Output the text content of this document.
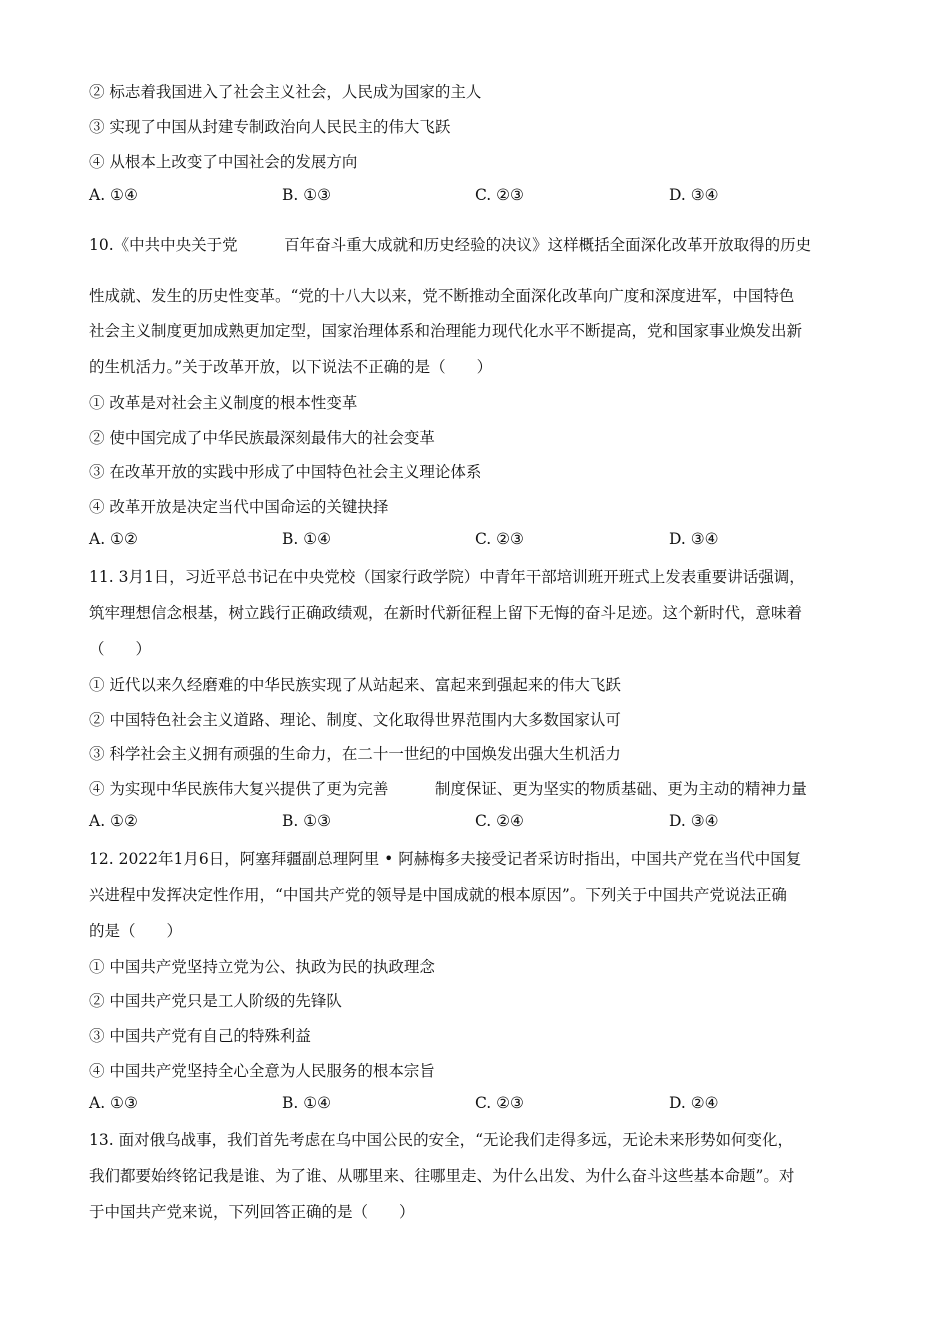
② 标志着我国进入了社会主义社会，人民成为国家的主人
③ 实现了中国从封建专制政治向人民民主的伟大飞跃
④ 从根本上改变了中国社会的发展方向
A. ①④	B. ①③	C. ②③	D. ③④
10.《中共中央关于党　　　百年奋斗重大成就和历史经验的决议》这样概括全面深化改革开放取得的历史
性成就、发生的历史性变革。“党的十八大以来，党不断推动全面深化改革向广度和深度进军，中国特色
社会主义制度更加成熟更加定型，国家治理体系和治理能力现代化水平不断提高，党和国家事业焕发出新
的生机活力。”关于改革开放，以下说法不正确的是（　　）
① 改革是对社会主义制度的根本性变革
② 使中国完成了中华民族最深刻最伟大的社会变革
③ 在改革开放的实践中形成了中国特色社会主义理论体系
④ 改革开放是决定当代中国命运的关键抉择
A. ①②	B. ①④	C. ②③	D. ③④
11. 3月1日，习近平总书记在中央党校（国家行政学院）中青年干部培训班开班式上发表重要讲话强调，
筑牢理想信念根基，树立践行正确政绩观，在新时代新征程上留下无悔的奋斗足迹。这个新时代，意味着
（　　）
① 近代以来久经磨难的中华民族实现了从站起来、富起来到强起来的伟大飞跃
② 中国特色社会主义道路、理论、制度、文化取得世界范围内大多数国家认可
③ 科学社会主义拥有顽强的生命力，在二十一世纪的中国焕发出强大生机活力
④ 为实现中华民族伟大复兴提供了更为完善　　　制度保证、更为坚实的物质基础、更为主动的精神力量
A. ①②	B. ①③	C. ②④	D. ③④
12. 2022年1月6日，阿塞拜疆副总理阿里 • 阿赫梅多夫接受记者采访时指出，中国共产党在当代中国复
兴进程中发挥决定性作用，“中国共产党的领导是中国成就的根本原因”。下列关于中国共产党说法正确
的是（　　）
① 中国共产党坚持立党为公、执政为民的执政理念
② 中国共产党只是工人阶级的先锋队
③ 中国共产党有自己的特殊利益
④ 中国共产党坚持全心全意为人民服务的根本宗旨
A. ①③	B. ①④	C. ②③	D. ②④
13. 面对俄乌战事，我们首先考虑在乌中国公民的安全，“无论我们走得多远，无论未来形势如何变化，
我们都要始终铭记我是谁、为了谁、从哪里来、往哪里走、为什么出发、为什么奋斗这些基本命题”。对
于中国共产党来说，下列回答正确的是（　　）
